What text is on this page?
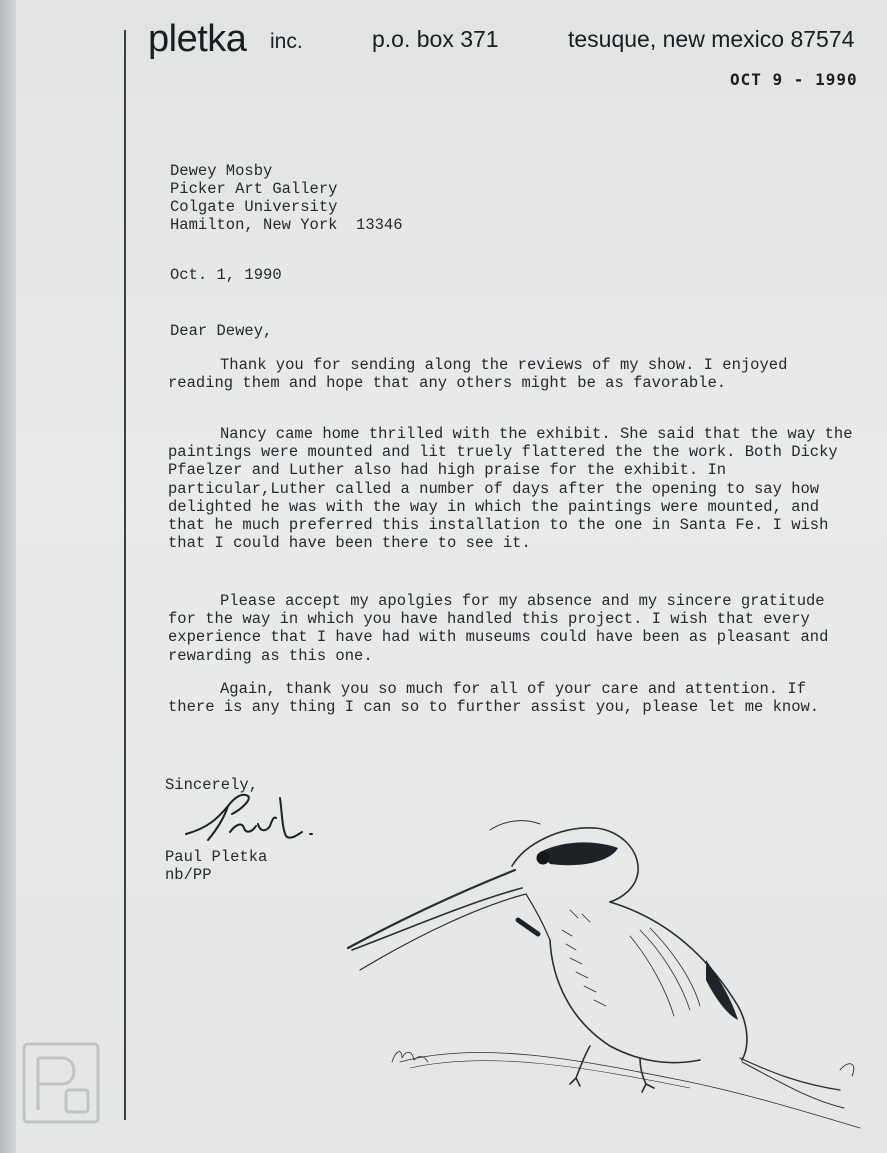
pletka inc.	p.o. box 371	tesuque, new mexico 87574
OCT 9 - 1990
Dewey Mosby
Picker Art Gallery
Colgate University
Hamilton, New York  13346
Oct. 1, 1990
Dear Dewey,
Thank you for sending along the reviews of my show. I enjoyed reading them and hope that any others might be as favorable.
Nancy came home thrilled with the exhibit. She said that the way the paintings were mounted and lit truely flattered the the work. Both Dicky Pfaelzer and Luther also had high praise for the exhibit. In particular,Luther called a number of days after the opening to say how delighted he was with the way in which the paintings were mounted, and that he much preferred this installation to the one in Santa Fe. I wish that I could have been there to see it.
Please accept my apolgies for my absence and my sincere gratitude for the way in which you have handled this project. I wish that every experience that I have had with museums could have been as pleasant and rewarding as this one.
Again, thank you so much for all of your care and attention. If there is any thing I can so to further assist you, please let me know.
Sincerely,
Paul Pletka
nb/PP
